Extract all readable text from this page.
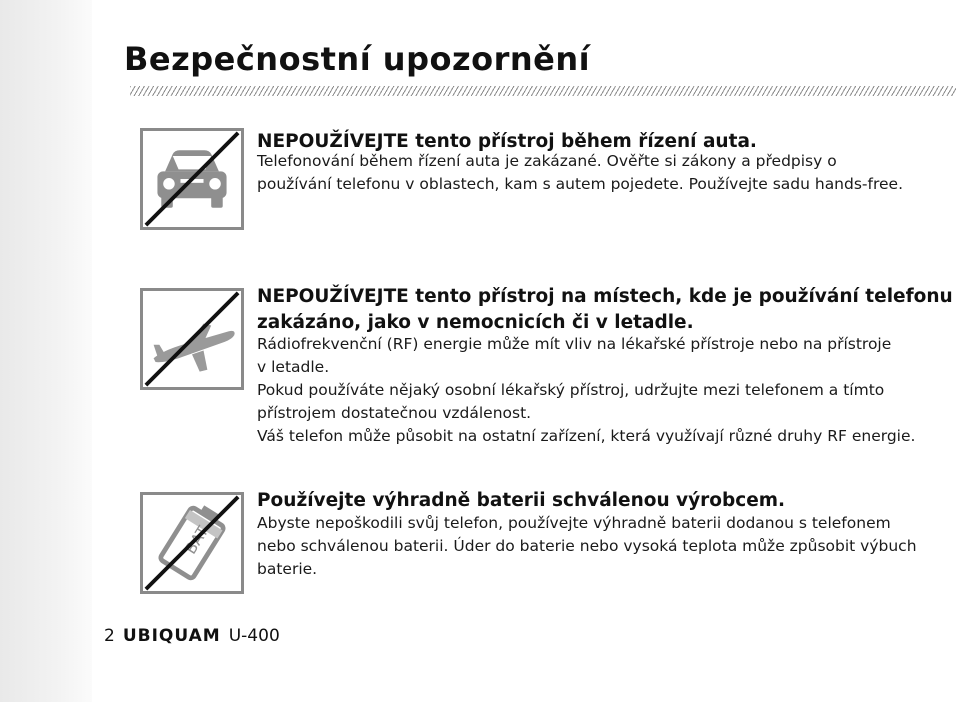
Bezpečnostní upozornění
NEPOUŽÍVEJTE tento přístroj během řízení auta.
Telefonování během řízení auta je zakázané. Ověřte si zákony a předpisy o
používání telefonu v oblastech, kam s autem pojedete. Používejte sadu hands-free.
NEPOUŽÍVEJTE tento přístroj na místech, kde je používání telefonu
zakázáno, jako v nemocnicích či v letadle.
Rádiofrekvenční (RF) energie může mít vliv na lékařské přístroje nebo na přístroje
v letadle.
Pokud používáte nějaký osobní lékařský přístroj, udržujte mezi telefonem a tímto
přístrojem dostatečnou vzdálenost.
Váš telefon může působit na ostatní zařízení, která využívají různé druhy RF energie.
Používejte výhradně baterii schválenou výrobcem.
Abyste nepoškodili svůj telefon, používejte výhradně baterii dodanou s telefonem
nebo schválenou baterii. Úder do baterie nebo vysoká teplota může způsobit výbuch
baterie.
2 UBIQUAM U-400
